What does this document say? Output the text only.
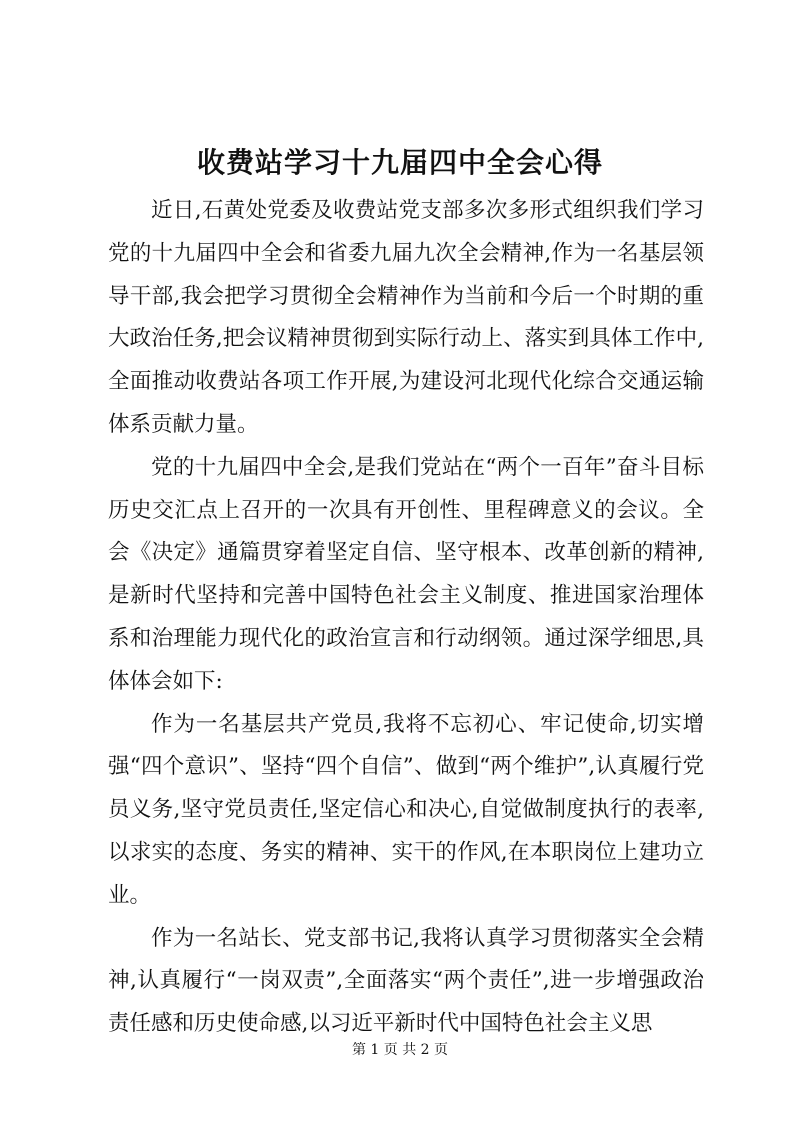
收费站学习十九届四中全会心得

近日,石黄处党委及收费站党支部多次多形式组织我们学习党的十九届四中全会和省委九届九次全会精神,作为一名基层领导干部,我会把学习贯彻全会精神作为当前和今后一个时期的重大政治任务,把会议精神贯彻到实际行动上、落实到具体工作中,全面推动收费站各项工作开展,为建设河北现代化综合交通运输体系贡献力量。

党的十九届四中全会,是我们党站在“两个一百年”奋斗目标历史交汇点上召开的一次具有开创性、里程碑意义的会议。全会《决定》通篇贯穿着坚定自信、坚守根本、改革创新的精神,是新时代坚持和完善中国特色社会主义制度、推进国家治理体系和治理能力现代化的政治宣言和行动纲领。通过深学细思,具体体会如下:

作为一名基层共产党员,我将不忘初心、牢记使命,切实增强“四个意识”、坚持“四个自信”、做到“两个维护”,认真履行党员义务,坚守党员责任,坚定信心和决心,自觉做制度执行的表率,以求实的态度、务实的精神、实干的作风,在本职岗位上建功立业。

作为一名站长、党支部书记,我将认真学习贯彻落实全会精神,认真履行“一岗双责”,全面落实“两个责任”,进一步增强政治责任感和历史使命感,以习近平新时代中国特色社会主义思

第 1 页 共 2 页
